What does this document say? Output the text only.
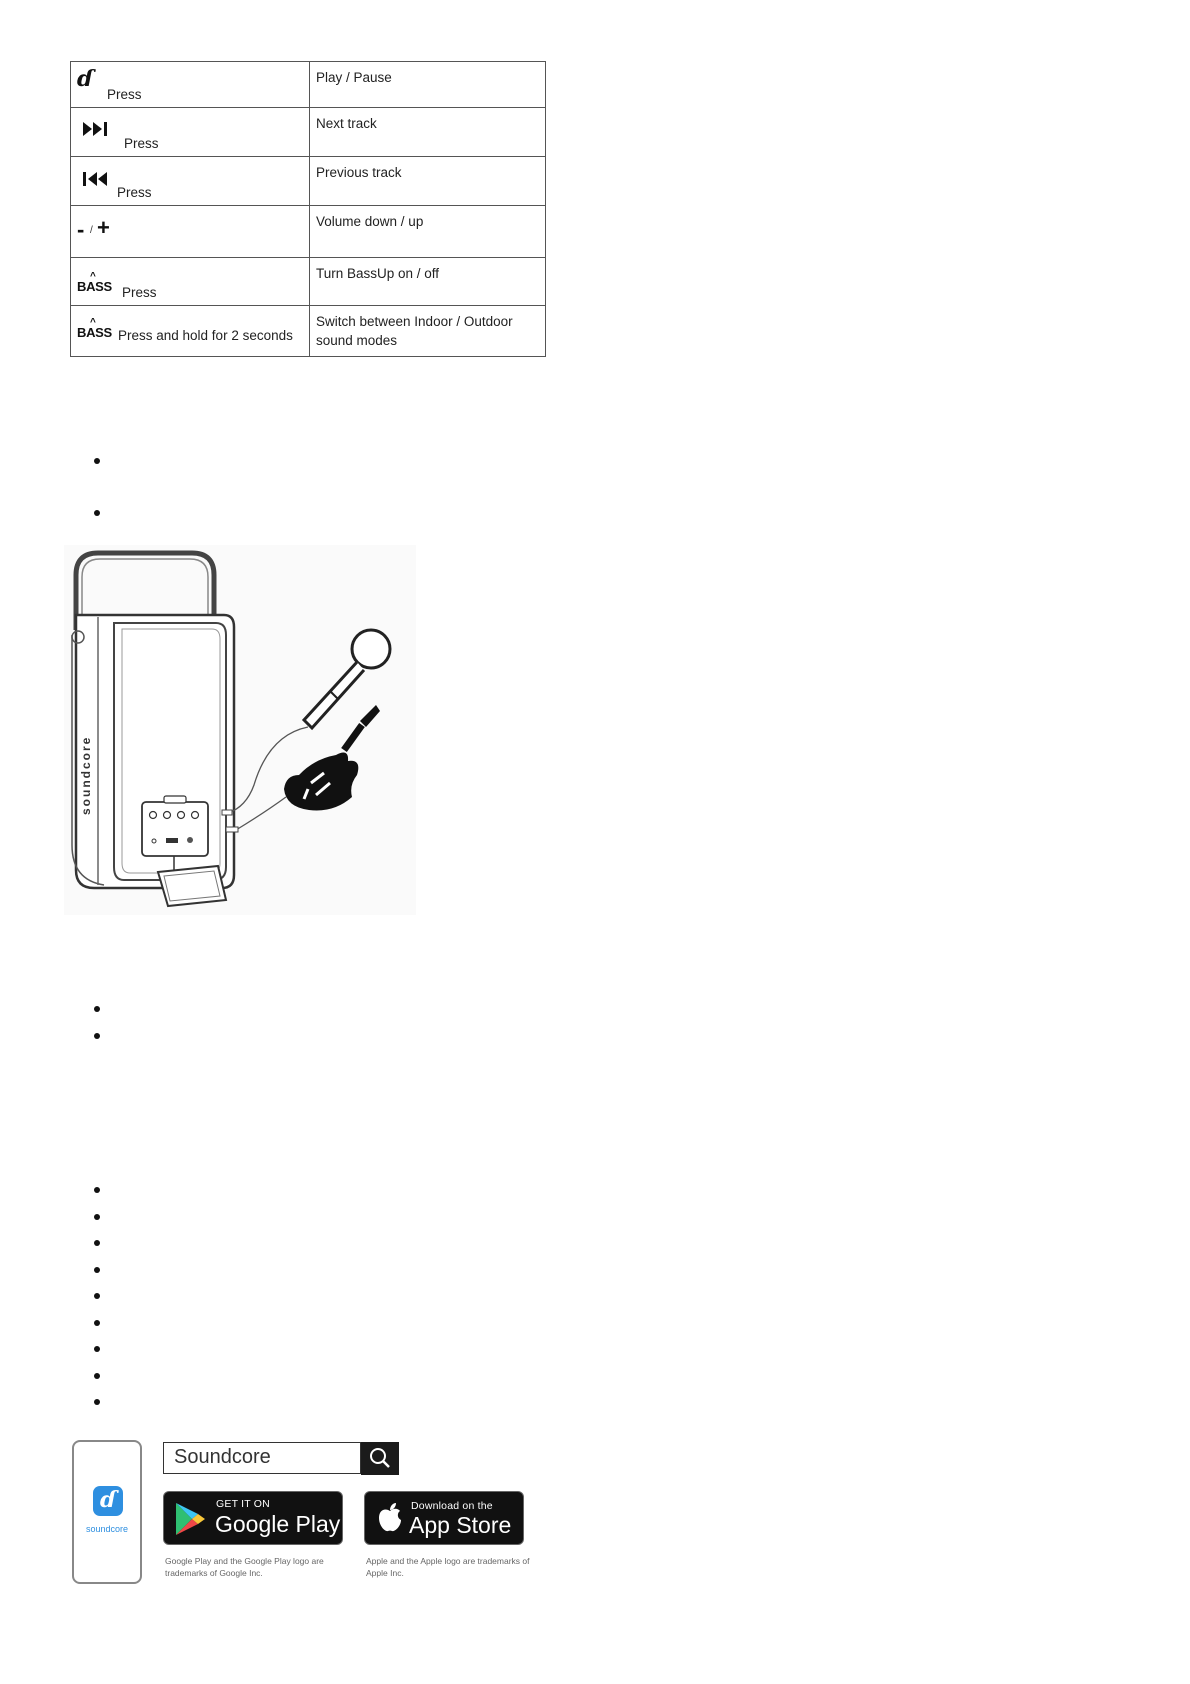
ɗ
Press	Play / Pause

Press	Next track

Press	Previous track

- / +	Volume down / up

^
BASS Press	Turn BassUp on / off

^
BASS Press and hold for 2 seconds	Switch between Indoor / Outdoor sound modes
soundcore
ɗ
soundcore
Soundcore
GET IT ON
Google Play
Download on the
App Store
Google Play and the Google Play logo are trademarks of Google Inc.
Apple and the Apple logo are trademarks of Apple Inc.
